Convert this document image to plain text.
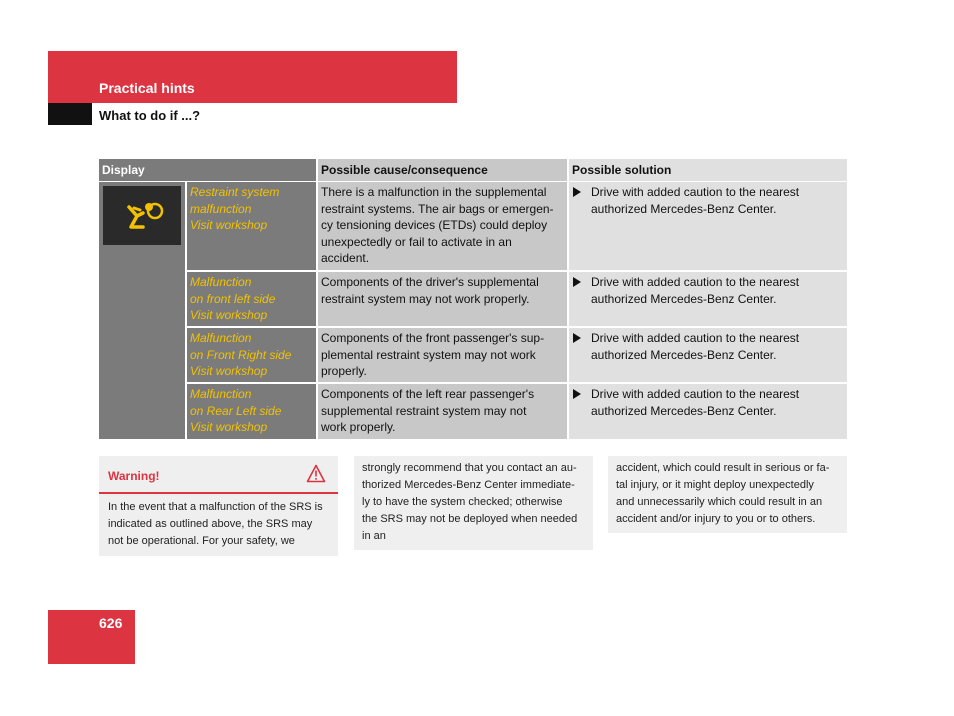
Practical hints
What to do if ...?
Display	Possible cause/consequence	Possible solution
Restraint system
malfunction
Visit workshop
There is a malfunction in the supplemental
restraint systems. The air bags or emergen-
cy tensioning devices (ETDs) could deploy
unexpectedly or fail to activate in an
accident.
Drive with added caution to the nearest
authorized Mercedes-Benz Center.
Malfunction
on front left side
Visit workshop
Components of the driver's supplemental
restraint system may not work properly.
Drive with added caution to the nearest
authorized Mercedes-Benz Center.
Malfunction
on Front Right side
Visit workshop
Components of the front passenger's sup-
plemental restraint system may not work
properly.
Drive with added caution to the nearest
authorized Mercedes-Benz Center.
Malfunction
on Rear Left side
Visit workshop
Components of the left rear passenger's
supplemental restraint system may not
work properly.
Drive with added caution to the nearest
authorized Mercedes-Benz Center.
Warning!
In the event that a malfunction of the SRS is
indicated as outlined above, the SRS may
not be operational. For your safety, we
strongly recommend that you contact an au-
thorized Mercedes-Benz Center immediate-
ly to have the system checked; otherwise
the SRS may not be deployed when needed
in an
accident, which could result in serious or fa-
tal injury, or it might deploy unexpectedly
and unnecessarily which could result in an
accident and/or injury to you or to others.
626
